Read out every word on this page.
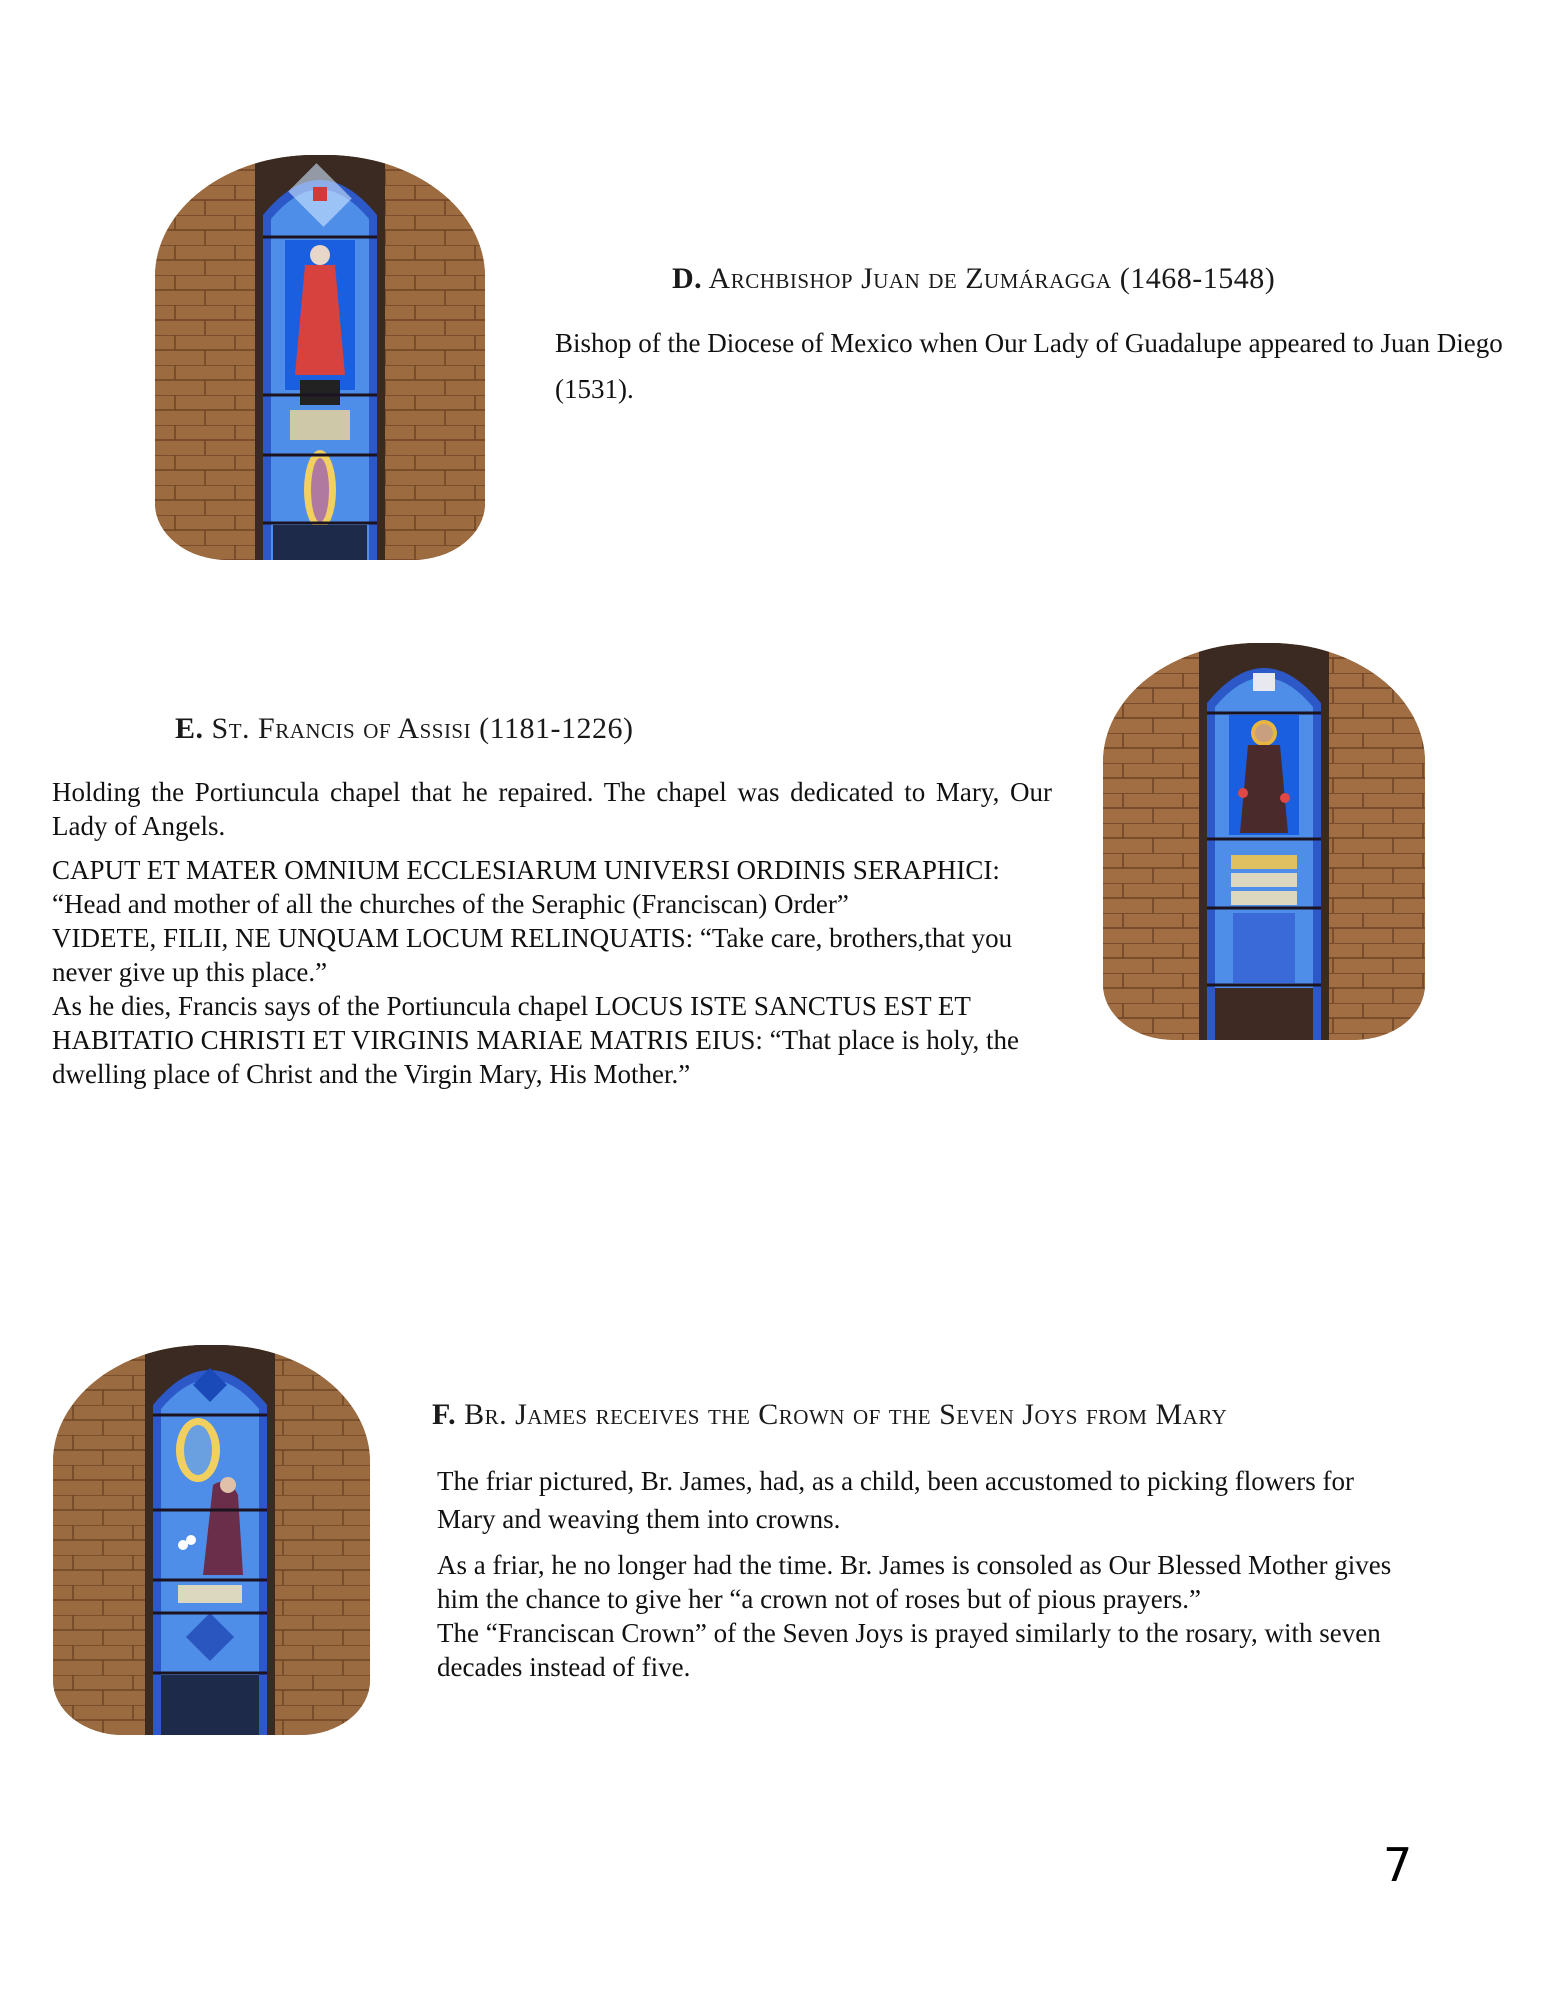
D. Archbishop Juan de Zumáragga (1468-1548)

Bishop of the Diocese of Mexico when Our Lady of Guadalupe appeared to Juan Diego (1531).

E. St. Francis of Assisi (1181-1226)

Holding the Portiuncula chapel that he repaired. The chapel was dedicated to Mary, Our Lady of Angels.

CAPUT ET MATER OMNIUM ECCLESIARUM UNIVERSI ORDINIS SERAPHICI: “Head and mother of all the churches of the Seraphic (Franciscan) Order”

VIDETE, FILII, NE UNQUAM LOCUM RELINQUATIS: “Take care, brothers,that you never give up this place.”

As he dies, Francis says of the Portiuncula chapel LOCUS ISTE SANCTUS EST ET HABITATIO CHRISTI ET VIRGINIS MARIAE MATRIS EIUS: “That place is holy, the dwelling place of Christ and the Virgin Mary, His Mother.”

F. Br. James receives the Crown of the Seven Joys from Mary

The friar pictured, Br. James, had, as a child, been accustomed to picking flowers for Mary and weaving them into crowns.

As a friar, he no longer had the time. Br. James is consoled as Our Blessed Mother gives him the chance to give her “a crown not of roses but of pious prayers.”

The “Franciscan Crown” of the Seven Joys is prayed similarly to the rosary, with seven decades instead of five.

7
